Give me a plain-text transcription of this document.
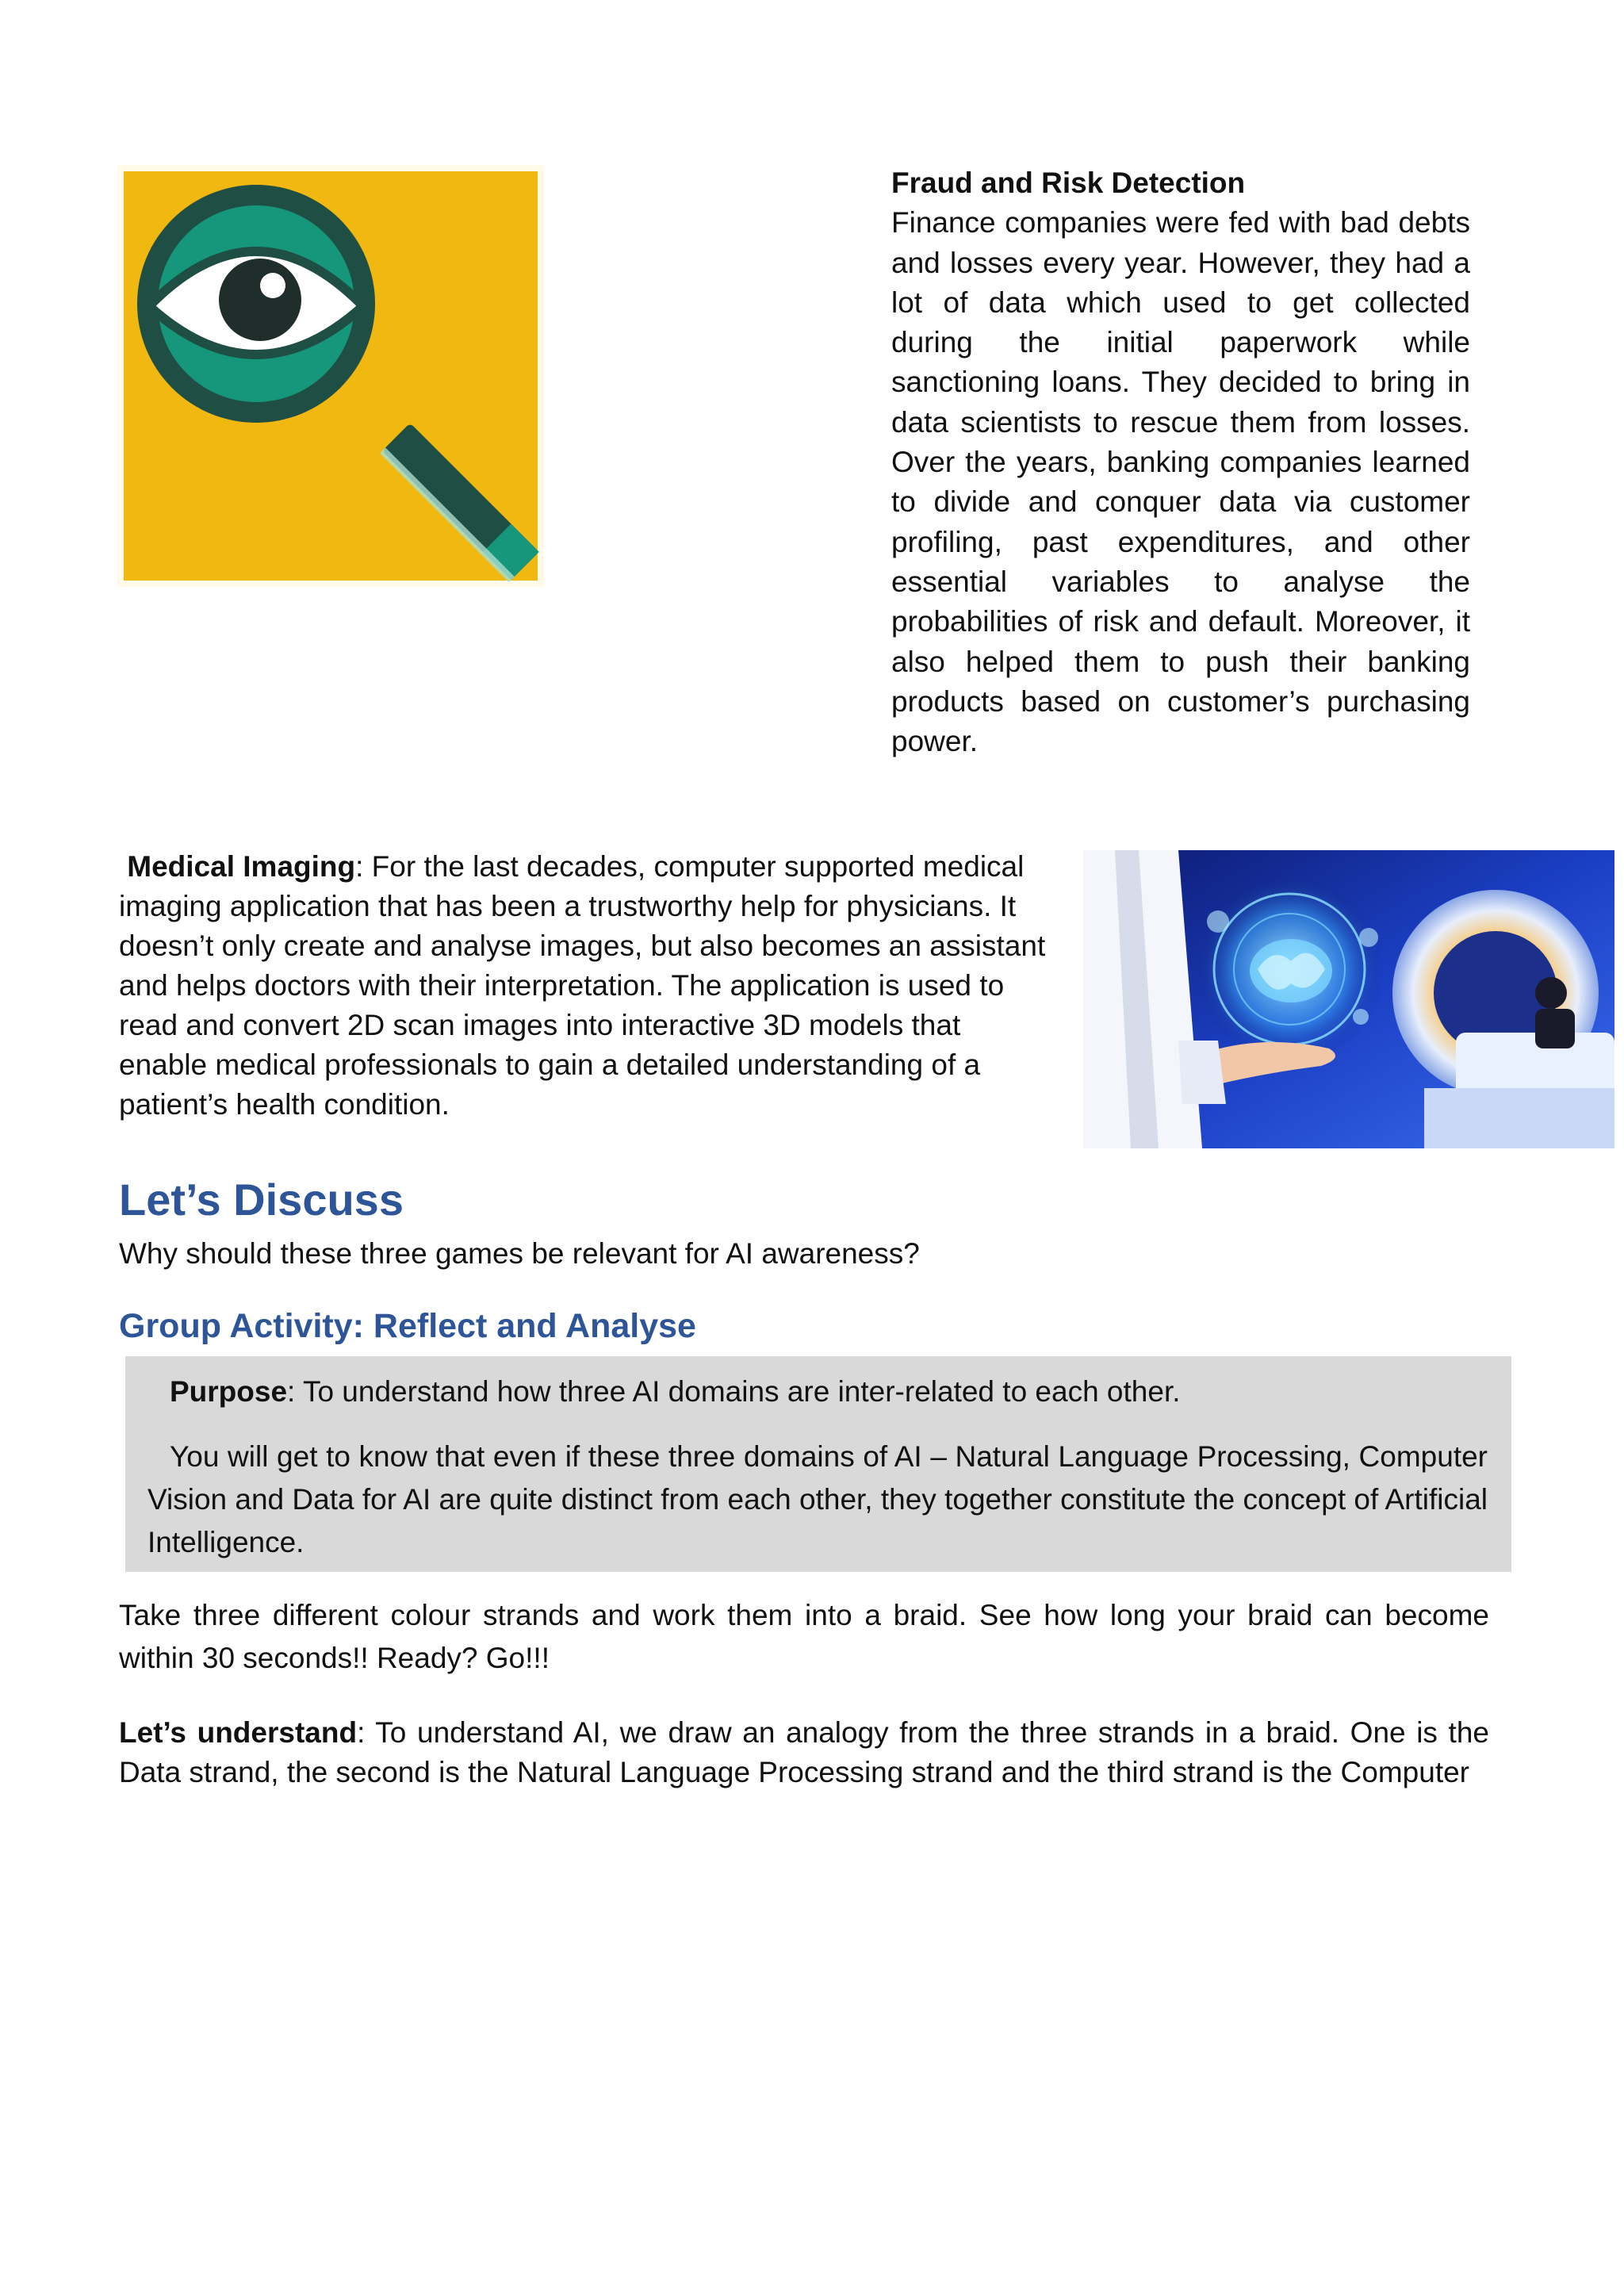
Fraud and Risk Detection
Finance companies were fed with bad debts and losses every year. However, they had a lot of data which used to get collected during the initial paperwork while sanctioning loans. They decided to bring in data scientists to rescue them from losses. Over the years, banking companies learned to divide and conquer data via customer profiling, past expenditures, and other essential variables to analyse the probabilities of risk and default. Moreover, it also helped them to push their banking products based on customer’s purchasing power.
Medical Imaging: For the last decades, computer supported medical imaging application that has been a trustworthy help for physicians. It doesn’t only create and analyse images, but also becomes an assistant and helps doctors with their interpretation. The application is used to read and convert 2D scan images into interactive 3D models that enable medical professionals to gain a detailed understanding of a patient’s health condition.
Let’s Discuss
Why should these three games be relevant for AI awareness?
Group Activity: Reflect and Analyse
Purpose: To understand how three AI domains are inter-related to each other.
You will get to know that even if these three domains of AI – Natural Language Processing, Computer Vision and Data for AI are quite distinct from each other, they together constitute the concept of Artificial Intelligence.
Take three different colour strands and work them into a braid. See how long your braid can become within 30 seconds!! Ready? Go!!!
Let’s understand: To understand AI, we draw an analogy from the three strands in a braid. One is the Data strand, the second is the Natural Language Processing strand and the third strand is the Computer
